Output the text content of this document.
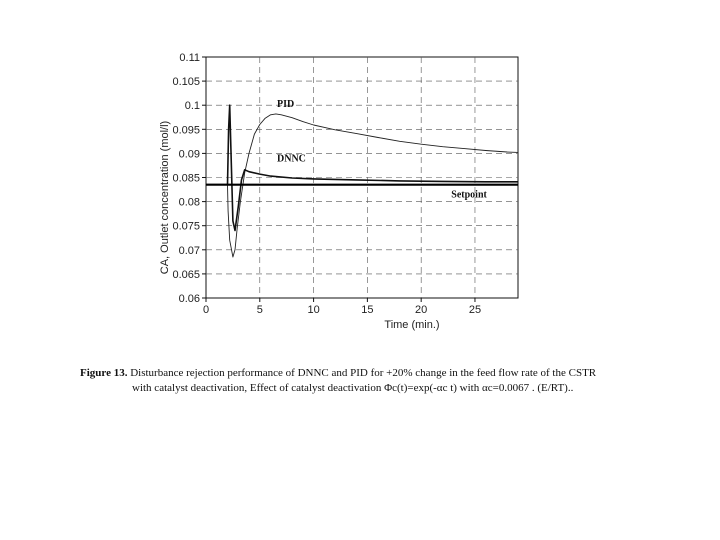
0.06
0.065
0.07
0.075
0.08
0.085
0.09
0.095
0.1
0.105
0.11
0	5	10	15	20	25
PID
DNNC
Setpoint
Time (min.)
CA, Outlet concentration (mol/l)
Figure 13. Disturbance rejection performance of DNNC and PID for +20% change in the feed flow rate of the CSTR
with catalyst deactivation, Effect of catalyst deactivation Φc(t)=exp(-αc t) with αc=0.0067 . (E/RT)..
